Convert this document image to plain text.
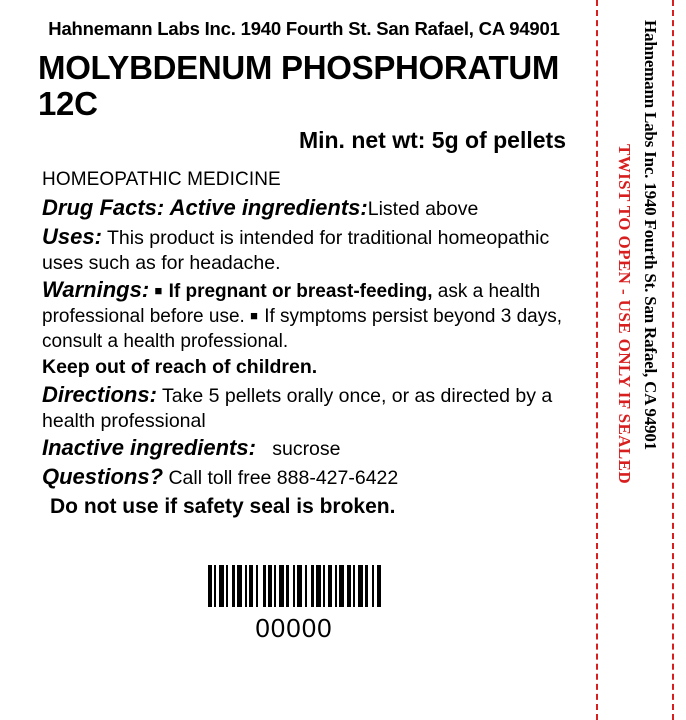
Hahnemann Labs Inc. 1940 Fourth St. San Rafael, CA 94901
MOLYBDENUM PHOSPHORATUM 12C
Min. net wt: 5g of pellets
HOMEOPATHIC MEDICINE
Drug Facts: Active ingredients:Listed above
Uses: This product is intended for traditional homeopathic uses such as for headache.
Warnings: ■ If pregnant or breast-feeding, ask a health professional before use. ■ If symptoms persist beyond 3 days, consult a health professional.
Keep out of reach of children.
Directions: Take 5 pellets orally once, or as directed by a health professional
Inactive ingredients: sucrose
Questions? Call toll free 888-427-6422
Do not use if safety seal is broken.
00000
Hahnemann Labs Inc. 1940 Fourth St. San Rafael, CA 94901
TWIST TO OPEN - USE ONLY IF SEALED
